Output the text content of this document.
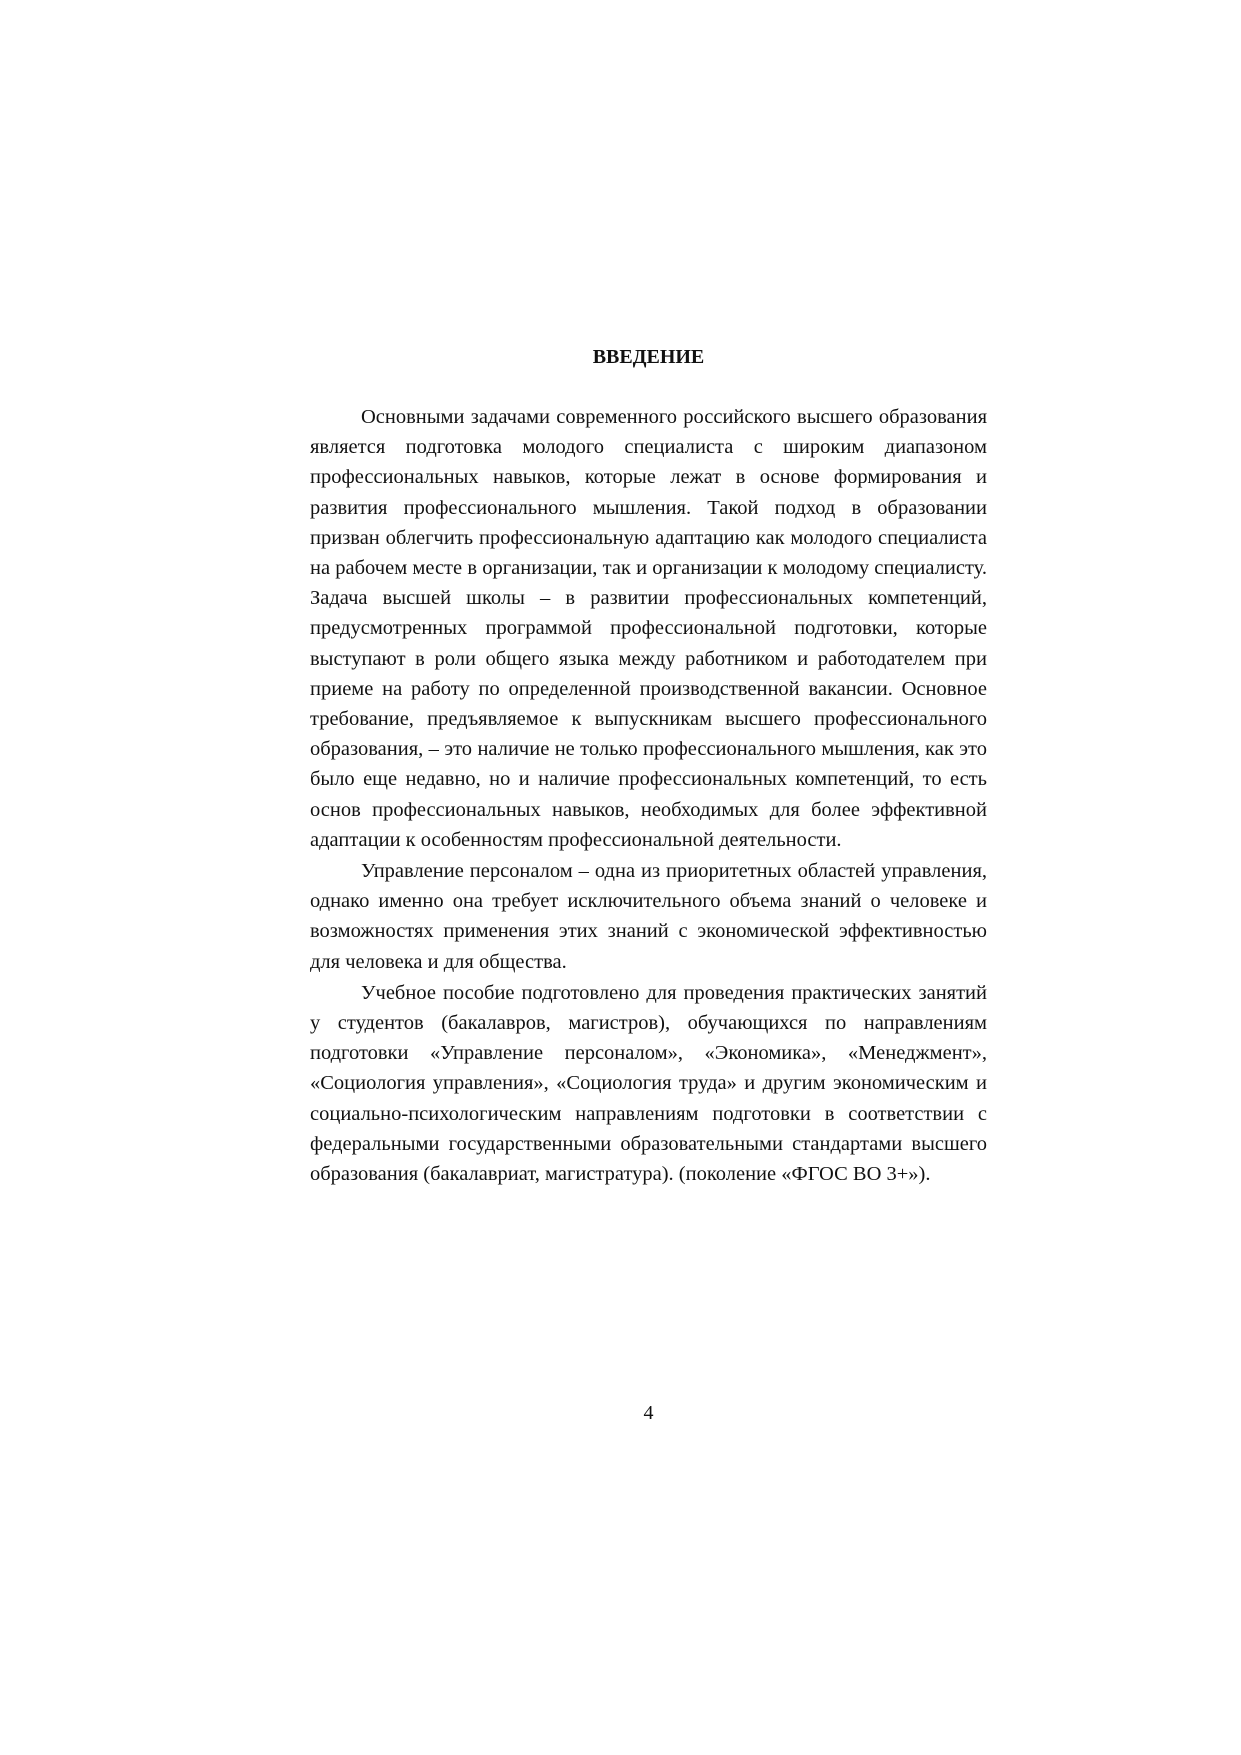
ВВЕДЕНИЕ

Основными задачами современного российского высшего образования является подготовка молодого специалиста с широким диапазоном профессиональных навыков, которые лежат в основе формирования и развития профессионального мышления. Такой подход в образовании призван облегчить профессиональную адаптацию как молодого специалиста на рабочем месте в организации, так и организации к молодому специалисту. Задача высшей школы – в развитии профессиональных компетенций, предусмотренных программой профессиональной подготовки, которые выступают в роли общего языка между работником и работодателем при приеме на работу по определенной производственной вакансии. Основное требование, предъявляемое к выпускникам высшего профессионального образования, – это наличие не только профессионального мышления, как это было еще недавно, но и наличие профессиональных компетенций, то есть основ профессиональных навыков, необходимых для более эффективной адаптации к особенностям профессиональной деятельности.

Управление персоналом – одна из приоритетных областей управления, однако именно она требует исключительного объема знаний о человеке и возможностях применения этих знаний с экономической эффективностью для человека и для общества.

Учебное пособие подготовлено для проведения практических занятий у студентов (бакалавров, магистров), обучающихся по направлениям подготовки «Управление персоналом», «Экономика», «Менеджмент», «Социология управления», «Социология труда» и другим экономическим и социально-психологическим направлениям подготовки в соответствии с федеральными государственными образовательными стандартами высшего образования (бакалавриат, магистратура). (поколение «ФГОС ВО 3+»).

4
